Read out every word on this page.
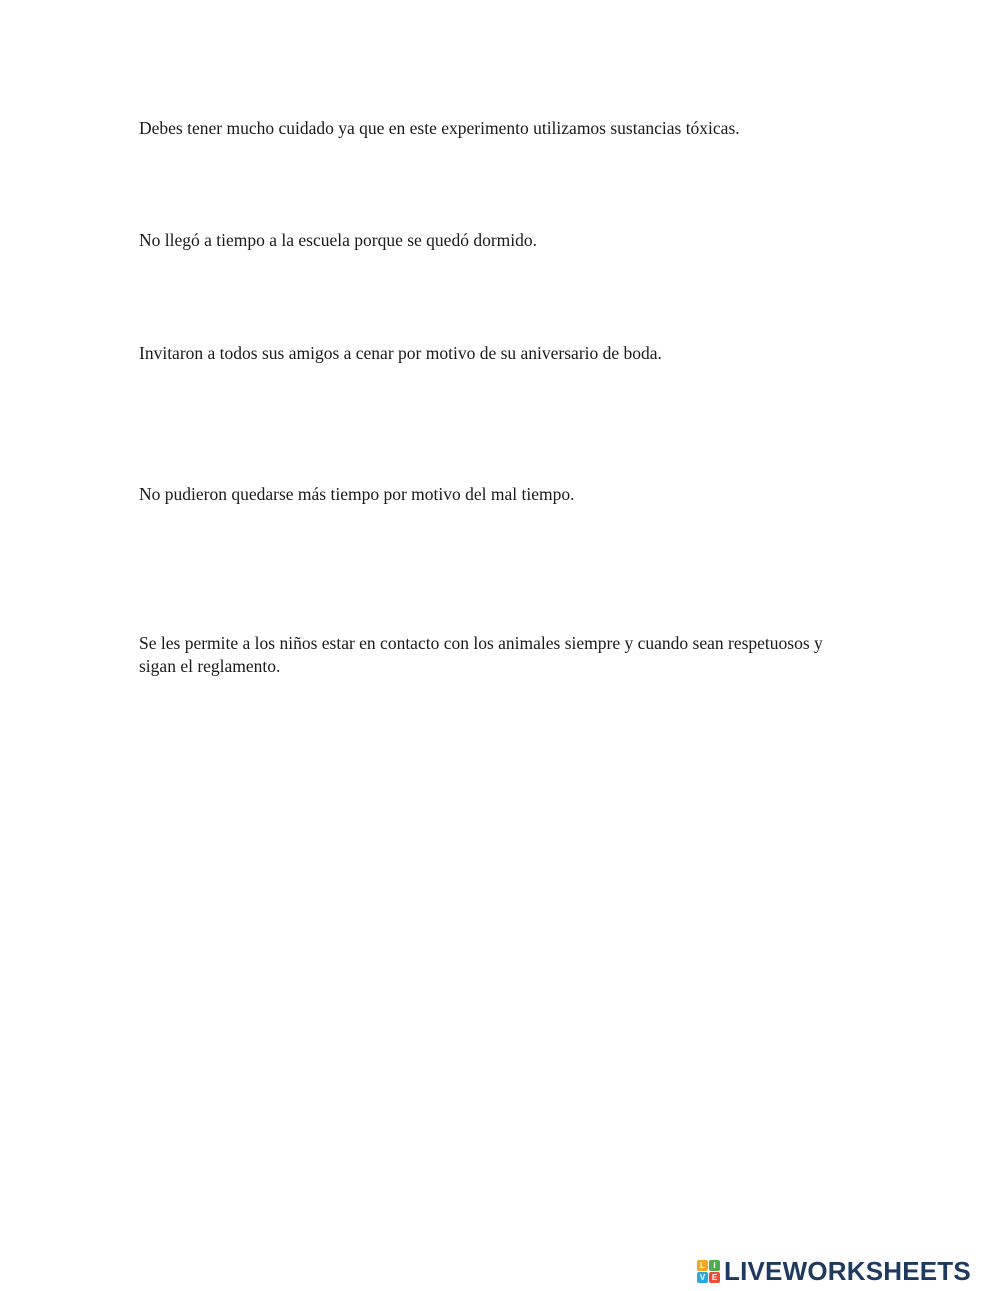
Debes tener mucho cuidado ya que en este experimento utilizamos sustancias tóxicas.

No llegó a tiempo a la escuela porque se quedó dormido.

Invitaron a todos sus amigos a cenar por motivo de su aniversario de boda.

No pudieron quedarse más tiempo por motivo del mal tiempo.

Se les permite a los niños estar en contacto con los animales siempre y cuando sean respetuosos y sigan el reglamento.

L	I
V E LIVEWORKSHEETS
